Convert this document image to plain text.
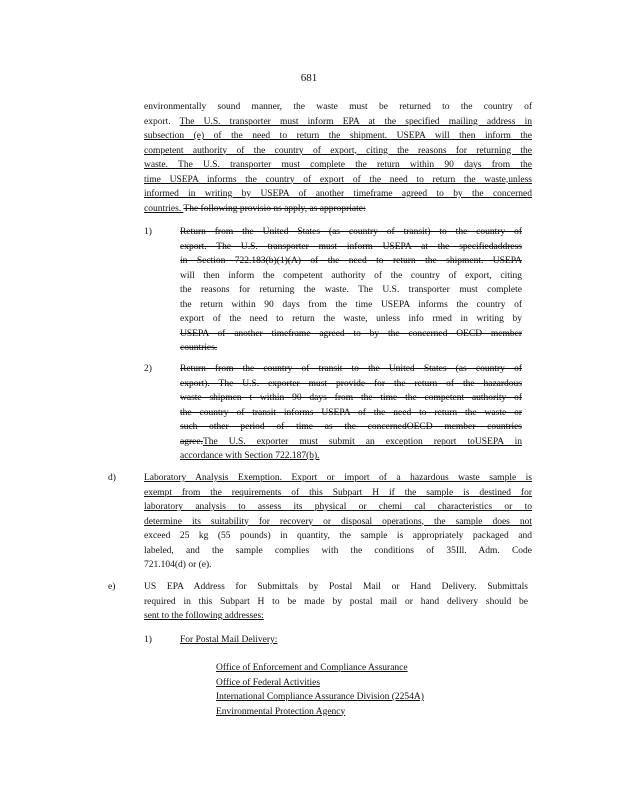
681
environmentally sound manner, the waste must be returned to the country of
export. The U.S. transporter must inform EPA at the specified mailing address in
subsection (e) of the need to return the shipment. USEPA will then inform the
competent authority of the country of export, citing the reasons for returning the
waste. The U.S. transporter must complete the return within 90 days from the
time USEPA informs the country of export of the need to return the waste,unless
informed in writing by USEPA of another timeframe agreed to by the concerned
countries. The following provisio ns apply, as appropriate:
1)	Return from the United States (as country of transit) to the country of
export. The U.S. transporter must inform USEPA at the specifiedaddress
in Section 722.183(b)(1)(A) of the need to return the shipment. USEPA
will then inform the competent authority of the country of export, citing
the reasons for returning the waste. The U.S. transporter must complete
the return within 90 days from the time USEPA informs the country of
export of the need to return the waste, unless info rmed in writing by
USEPA of another timeframe agreed to by the concerned OECD member
countries.
2)	Return from the country of transit to the United States (as country of
export). The U.S. exporter must provide for the return of the hazardous
waste shipmen t within 90 days from the time the competent authority of
the country of transit informs USEPA of the need to return the waste or
such other period of time as the concernedOECD member countries
agree.The U.S. exporter must submit an exception report toUSEPA in
accordance with Section 722.187(b).
d)	Laboratory Analysis Exemption. Export or import of a hazardous waste sample is
exempt from the requirements of this Subpart H if the sample is destined for
laboratory analysis to assess its physical or chemi cal characteristics or to
determine its suitability for recovery or disposal operations, the sample does not
exceed 25 kg (55 pounds) in quantity, the sample is appropriately packaged and
labeled, and the sample complies with the conditions of 35Ill. Adm. Code
721.104(d) or (e).
e)	US EPA Address for Submittals by Postal Mail or Hand Delivery. Submittals
required in this Subpart H to be made by postal mail or hand delivery should be
sent to the following addresses:
1)	For Postal Mail Delivery:
Office of Enforcement and Compliance Assurance
Office of Federal Activities
International Compliance Assurance Division (2254A)
Environmental Protection Agency
